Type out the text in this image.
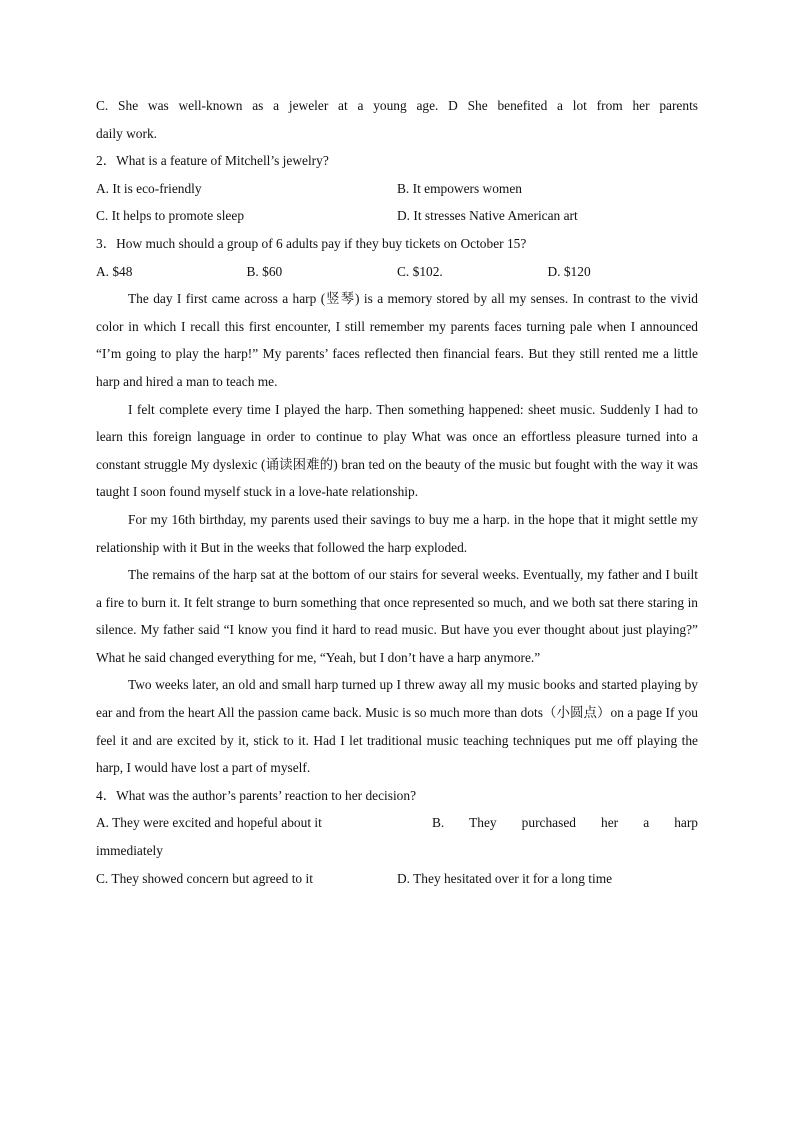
C. She was well-known as a jeweler at a young age. D She benefited a lot from her parents
daily work.
2．What is a feature of Mitchell’s jewelry?
A. It is eco-friendly	B. It empowers women
C. It helps to promote sleep	D. It stresses Native American art
3．How much should a group of 6 adults pay if they buy tickets on October 15?
A. $48	B. $60	C. $102.	D. $120

The day I first came across a harp (竖琴) is a memory stored by all my senses. In contrast to the vivid color in which I recall this first encounter, I still remember my parents faces turning pale when I announced “I’m going to play the harp!” My parents’ faces reflected then financial fears. But they still rented me a little harp and hired a man to teach me.

I felt complete every time I played the harp. Then something happened: sheet music. Suddenly I had to learn this foreign language in order to continue to play What was once an effortless pleasure turned into a constant struggle My dyslexic (诵读困难的) bran ted on the beauty of the music but fought with the way it was taught I soon found myself stuck in a love-hate relationship.

For my 16th birthday, my parents used their savings to buy me a harp. in the hope that it might settle my relationship with it But in the weeks that followed the harp exploded.

The remains of the harp sat at the bottom of our stairs for several weeks. Eventually, my father and I built a fire to burn it. It felt strange to burn something that once represented so much, and we both sat there staring in silence. My father said “I know you find it hard to read music. But have you ever thought about just playing?” What he said changed everything for me, “Yeah, but I don’t have a harp anymore.”

Two weeks later, an old and small harp turned up I threw away all my music books and started playing by ear and from the heart All the passion came back. Music is so much more than dots（小圆点）on a page If you feel it and are excited by it, stick to it. Had I let traditional music teaching techniques put me off playing the harp, I would have lost a part of myself.

4．What was the author’s parents’ reaction to her decision?
A. They were excited and hopeful about it	B. They purchased her a harp
immediately
C. They showed concern but agreed to it	D. They hesitated over it for a long time
